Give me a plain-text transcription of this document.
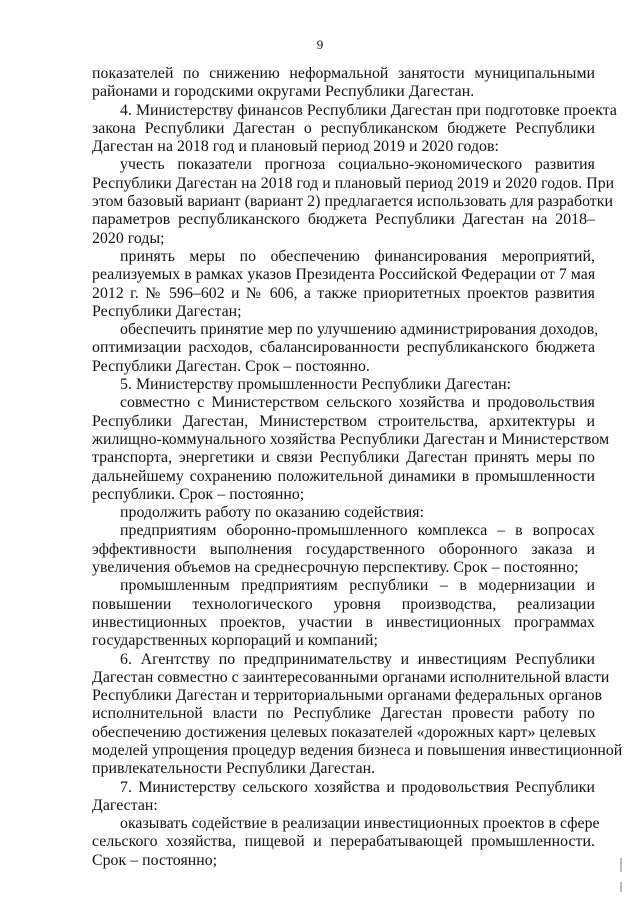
9

показателей по снижению неформальной занятости муниципальными
районами и городскими округами Республики Дагестан.

4. Министерству финансов Республики Дагестан при подготовке проекта
закона Республики Дагестан о республиканском бюджете Республики
Дагестан на 2018 год и плановый период 2019 и 2020 годов:

учесть показатели прогноза социально-экономического развития
Республики Дагестан на 2018 год и плановый период 2019 и 2020 годов. При
этом базовый вариант (вариант 2) предлагается использовать для разработки
параметров республиканского бюджета Республики Дагестан на 2018–
2020 годы;

принять меры по обеспечению финансирования мероприятий,
реализуемых в рамках указов Президента Российской Федерации от 7 мая
2012 г. № 596–602 и № 606, а также приоритетных проектов развития
Республики Дагестан;

обеспечить принятие мер по улучшению администрирования доходов,
оптимизации расходов, сбалансированности республиканского бюджета
Республики Дагестан. Срок – постоянно.

5. Министерству промышленности Республики Дагестан:

совместно с Министерством сельского хозяйства и продовольствия
Республики Дагестан, Министерством строительства, архитектуры и
жилищно-коммунального хозяйства Республики Дагестан и Министерством
транспорта, энергетики и связи Республики Дагестан принять меры по
дальнейшему сохранению положительной динамики в промышленности
республики. Срок – постоянно;

продолжить работу по оказанию содействия:

предприятиям оборонно-промышленного комплекса – в вопросах
эффективности выполнения государственного оборонного заказа и
увеличения объемов на среднесрочную перспективу. Срок – постоянно;

промышленным предприятиям республики – в модернизации и
повышении технологического уровня производства, реализации
инвестиционных проектов, участии в инвестиционных программах
государственных корпораций и компаний;

6. Агентству по предпринимательству и инвестициям Республики
Дагестан совместно с заинтересованными органами исполнительной власти
Республики Дагестан и территориальными органами федеральных органов
исполнительной власти по Республике Дагестан провести работу по
обеспечению достижения целевых показателей «дорожных карт» целевых
моделей упрощения процедур ведения бизнеса и повышения инвестиционной
привлекательности Республики Дагестан.

7. Министерству сельского хозяйства и продовольствия Республики
Дагестан:

оказывать содействие в реализации инвестиционных проектов в сфере
сельского хозяйства, пищевой и перерабатывающей промышленности.
Срок – постоянно;
